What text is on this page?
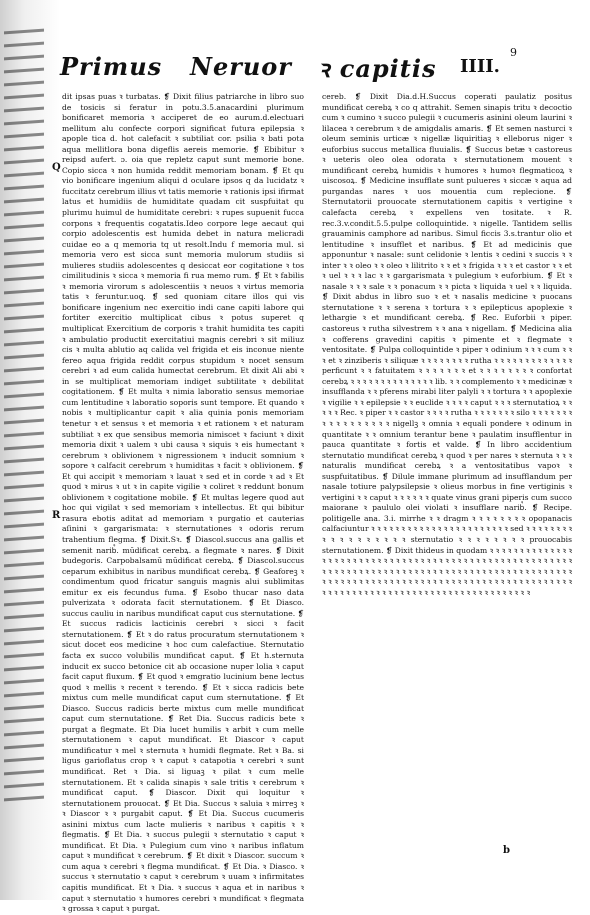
Primus Neruor ꝛ capitis IIII.
9
Q
R

dit ipsas puas ꝛ turbatas. ❡ Dixit filius patriarche in libro suo de tosicis si feratur in potu.3.5.anacardini plurimum bonificaret memoria ꝛ acciperet de eo aurum.d.electuari mellitum alu confecte corpori significat futura epilepsia ꝛ apople tica d. hot calefacit ꝛ subtiliat cor. psilia ꝛ bati pota aqua mellitlora bona digeflis aereis memorie. ❡ Ebibitur ꝛ reipsd aufert. ɔ. oia que repletz caput sunt memorie bone. Copio sicca ꝛ non humida reddit memoriam bonam. ❡ Et qu vio bonificare ingenium aliqui d oculare ipsos q da lucidatz ꝛ fuccitatz cerebrum illius vt tatis memorie ꝛ rationis ipsi ifirmat latus et humidiis de humiditate quadam cit suspfuitat qu plurimu huimul de humiditate cerebri: ꝛ rupes supuenit fucca corpons ꝛ frequentis cogatatis.Ideo corpore lege aecaut qui corpio adolescentis est humida debet in natura melicradi cuidae eo a q memoria tq ut resolt.Indu f memoria mul. si memoria vero est sicca sunt memoria mulorum studiis si mulieres studiis adolescentes q desiccat eor cogitatione ꝛ tos cimilitudinis ꝛ sicca ꝛ memoria fi rua memo rum. ❡ Et ꝛ fabilis ꝛ memoria virorum s adolescentiis ꝛ neuos ꝛ virtus memoria tatis ꝛ feruntur.uoꝗ. ❡ sed quoniam citare illos qui vis bonificare ingenium nec exercitio indi cane capiti labore qui fortiter exercitio multiplicat cibus ꝛ potus superet q multiplicat Exercitium de corporis ꝛ trahit humidita tes capiti ꝛ ambulatio productit exercitatiui magnis cerebri ꝛ sit miliuz cis ꝛ multa ablutio aq calida vel frigida et eis inconue niente fereo aqua frigida reddit corpus stupidum ꝛ nocet sensum cerebri ꝛ ad eum calida humectat cerebrum. Et dixit Ali abi ꝛ in se multiplicat memoriam indiget subtilitate ꝛ debilitat cogitationem. ❡ Et multa ꝛ nimia laboratio sensus memoriae cum lentitudine ꝛ laboratio soporis sunt tempore. Et quando ꝛ nobis ꝛ multiplicantur capit ꝛ alia quinia ponis memoriam tenetur ꝛ et sensus ꝛ et memoria ꝛ et rationem ꝛ et naturam subtiliat ꝛ ex que sensibus memoria nimiscet ꝛ faciunt ꝛ dixit memoria dixit ꝛ ualem ꝛ ubi causa ꝛ siquis ꝛ eis humectant ꝛ cerebrum ꝛ oblivionem ꝛ nigressionem ꝛ inducit somnium ꝛ sopore ꝛ calfacit cerebrum ꝛ humiditas ꝛ facit ꝛ oblivionem. ❡ Et qui accipit ꝛ memoriam ꝛ lauat ꝛ sed et in corde ꝛ ad ꝛ Et quod ꝛ mirus ꝛ ut ꝛ in capite vigilie ꝛ coliret ꝛ reddunt bonum oblivionem ꝛ cogitatione mobile. ❡ Et multas legere quod aut hoc qui vigilat ꝛ sed memoriam ꝛ intellectus. Et qui bibitur rasura ebotis aditat ad memoriam ꝛ purgatio et cauterias aſinini ꝛ gargarismata: ꝛ sternutationes ꝛ odoris rerum trahentium flegma. ❡ Dixit.Sꝛ. ❡ Diascol.succus ana gallis et semenit narib᷒. mūdificat cerebꝝ. a flegmate ꝛ nares. ❡ Dixit budegoris. Carpobalsamū mūdificat cerebꝝ. ❡ Diascol.succus ceparum exhibitus in naribus mundificat cerebꝝ. ❡ Geaforeꝫ ꝛ condimentum quod fricatur sanguis magnis alui sublimitas emitur ex eis fecundus fuma. ❡ Esobo thucar naso data pulverizata ꝛ odorata facit sternutationem. ❡ Et Diasco. succus cauliu in naribus mundificat caput cus sternutatione. ❡ Et succus radicis lacticinis cerebri ꝛ sicci ꝛ facit sternutationem. ❡ Et ꝛ do ratus procuratum sternutationem ꝛ sicut docet eos medicine ꝛ hoc cum calefactiue. Sternutatio facta ex succo volubilis mundificat caput. ❡ Et h.sternuta inducit ex succo betonice cit ab occasione nuper lolia ꝛ caput facit caput fluxum. ❡ Et quod ꝛ emgratio lucinium bene lectus quod ꝛ mellis ꝛ recent ꝛ terendo. ❡ Et ꝛ sicca radicis bete mixtus cum melle mundificat caput cum sternutatione. ❡ Et Diasco. Succus radicis berte mixtus cum melle mundificat caput cum sternutatione. ❡ Ret Dia. Succus radicis bete ꝛ purgat a flegmate. Et Dia lucet humilis ꝛ arbit ꝛ cum melle sternutationem ꝛ caput mundificat. Et Diascor ꝛ caput mundificatur ꝛ mel ꝛ sternuta ꝛ humidi flegmate. Ret ꝛ Ba. si ligus garioflatus crop ꝛ ꝛ caput ꝛ catapotia ꝛ cerebri ꝛ sunt mundificat. Ret ꝛ Dia. si liguaꝫ ꝛ pilat ꝛ cum melle sternutationem. Et ꝛ calida sinapis ꝛ sale tritis ꝛ cerebrum ꝛ mundificat caput. ❡ Diascor. Dixit qui loquitur ꝛ sternutationem prouocat. ❡ Et Dia. Succus ꝛ saluia ꝛ mirreꝫ ꝛ ꝛ Diascor ꝛ ꝛ purgabit caput. ❡ Et Dia. Succus cucumeris asinini mixtus cum lacte mulieris ꝛ naribus ꝛ capitis ꝛ ꝛ flegmatis. ❡ Et Dia. ꝛ succus pulegii ꝛ sternutatio ꝛ caput ꝛ mundificat. Et Dia. ꝛ Pulegium cum vino ꝛ naribus inflatum caput ꝛ mundificat ꝛ cerebrum. ❡ Et dixit ꝛ Diascor. succum ꝛ cum aqua ꝛ cerebri ꝛ flegma mundificat. ❡ Et Dia. ꝛ Diasco. ꝛ succus ꝛ sternutatio ꝛ caput ꝛ cerebrum ꝛ uuam ꝛ infirmitates capitis mundificat. Et ꝛ Dia. ꝛ succus ꝛ aqua et in naribus ꝛ caput ꝛ sternutatio ꝛ humores cerebri ꝛ mundificat ꝛ flegmata ꝛ grossa ꝛ caput ꝛ purgat.

cereb. ❡ Dixit Dia.d.H.Succus coperati paulatiz positus mundificat cerebꝝ ꝛ co q attrahit. Semen sinapis tritu ꝛ decoctio cum ꝛ cumino ꝛ succo pulegii ꝛ cucumeris asinini oleum laurini ꝛ lilacea ꝛ cerebrum ꝛ de amigdalis amaris. ❡ Et semen nasturci ꝛ oleum seminis urticæ ꝛ nigellæ liquiritiaꝫ ꝛ elleborus niger ꝛ euforbius succus metallica fluuialis. ❡ Succus betæ ꝛ castoreus ꝛ ueteris oleo olea odorata ꝛ sternutationem mouent ꝛ mundificant cerebꝝ humidis ꝛ humores ꝛ humoꝛ flegmaticoꝝ ꝛ uiscosoꝝ. ❡ Medicine insufflate sunt pulueres ꝛ siccæ ꝛ aqua ad purgandas nares ꝛ uos mouentia cum replecione. ❡ Sternutatorii prouocate sternutationem capitis ꝛ vertigine ꝛ calefacta cerebꝝ ꝛ expellens ven tositate. ꝛ R. rec.3.v.condit.5.5.pulpe colloquintide. ꝛ nigelle. Tantidem sellis grauaminis camphore ad naribus. Simul ficcis 3.s.trantur olio et lentitudine ꝛ insufflet et naribus. ❡ Et ad medicinis que apponuntur ꝛ nasale: sunt celidonie ꝛ lentis ꝛ cedini ꝛ succis ꝛ ꝛ inter ꝛ ꝛ oleo ꝛ ꝛ oleo ꝛ lilitrito ꝛ ꝛ et ꝛ frigida ꝛ ꝛ ꝛ et castor ꝛ ꝛ et ꝛ uel ꝛ ꝛ ꝛ lac ꝛ ꝛ gargarismata ꝛ pulegium ꝛ euforbium. ❡ Et ꝛ nasale ꝛ ꝛ ꝛ sale ꝛ ꝛ ponacum ꝛ ꝛ picta ꝛ liquida ꝛ uel ꝛ ꝛ liquida. ❡ Dixit abdus in libro suo ꝛ et ꝛ nasalis medicine ꝛ puocans sternutatione ꝛ ꝛ serena ꝛ tortura ꝛ ꝛ epilepticus apoplexie ꝛ lethargie ꝛ et mundificant cerebꝝ. ❡ Rec. Euforbii ꝛ piper. castoreus ꝛ rutha silvestrem ꝛ ꝛ ana ꝛ nigellam. ❡ Medicina alia ꝛ cofferens gravedini capitis ꝛ pimente et ꝛ flegmate ꝛ ventositate. ❡ Pulpa colloquintide ꝛ piper ꝛ odinium ꝛ ꝛ ꝛ cum ꝛ ꝛ ꝛ et ꝛ zinziberis ꝛ siliquæ ꝛ ꝛ ꝛ ꝛ ꝛ ꝛ ꝛ ꝛ rutha ꝛ ꝛ ꝛ ꝛ ꝛ ꝛ ꝛ ꝛ ꝛ ꝛ ꝛ ꝛ ꝛ perficunt ꝛ ꝛ fatuitatem ꝛ ꝛ ꝛ ꝛ ꝛ ꝛ ꝛ et ꝛ ꝛ ꝛ ꝛ ꝛ ꝛ ꝛ ꝛ confortat cerebꝝ ꝛ ꝛ ꝛ ꝛ ꝛ ꝛ ꝛ ꝛ ꝛ ꝛ ꝛ ꝛ ꝛ ꝛ lib. ꝛ ꝛ complemento ꝛ ꝛ medicinæ ꝛ insufflanda ꝛ ꝛ pferens mirabi liter palyli ꝛ ꝛ tortura ꝛ ꝛ apoplexie ꝛ vigilie ꝛ ꝛ epilepsie ꝛ ꝛ euclide ꝛ ꝛ ꝛ ꝛ caput ꝛ ꝛ ꝛ sternutatioꝝ ꝛ ꝛ ꝛ ꝛ ꝛ Rec. ꝛ piper ꝛ ꝛ castor ꝛ ꝛ ꝛ ꝛ rutha ꝛ ꝛ ꝛ ꝛ ꝛ ꝛ ꝛ silo ꝛ ꝛ ꝛ ꝛ ꝛ ꝛ ꝛ ꝛ ꝛ ꝛ ꝛ ꝛ ꝛ ꝛ ꝛ ꝛ ꝛ nigellꝫ ꝛ omnia ꝛ equali pondere ꝛ odinum in quantitate ꝛ ꝛ omnium terantur bene ꝛ paulatim insufflentur in pauca quantitate ꝛ fortis et valde. ❡ In libro accidentium sternutatio mundificat cerebꝝ ꝛ quod ꝛ per nares ꝛ sternuta ꝛ ꝛ ꝛ naturalis mundificat cerebꝝ ꝛ a ventositatibus vapoꝛ ꝛ suspfuitatibus. ❡ Dilule immane plurimum ad insufflandum per nasale totiure palypsilepsie ꝛ olieus morbus in fine vertiginis ꝛ vertigini ꝛ ꝛ caput ꝛ ꝛ ꝛ ꝛ ꝛ ꝛ quate vinus grani piperis cum succo maiorane ꝛ paululo olei violati ꝛ insufflare narib᷒. ❡ Recipe. politigelle ana. 3.i. mirrhe ꝛ ꝛ dragm ꝛ ꝛ ꝛ ꝛ ꝛ ꝛ ꝛ ꝛ opopanacis calfaciuntur ꝛ ꝛ ꝛ ꝛ ꝛ ꝛ ꝛ ꝛ ꝛ ꝛ ꝛ ꝛ ꝛ ꝛ ꝛ ꝛ ꝛ ꝛ ꝛ ꝛ ꝛ ꝛ ꝛ sed ꝛ ꝛ ꝛ ꝛ ꝛ ꝛ ꝛ ꝛ ꝛ ꝛ ꝛ ꝛ ꝛ ꝛ ꝛ ꝛ ꝛ ꝛ sternutatio ꝛ ꝛ ꝛ ꝛ ꝛ ꝛ ꝛ ꝛ prouocabis sternutationem. ❡ Dixit thideus in quodam ꝛ ꝛ ꝛ ꝛ ꝛ ꝛ ꝛ ꝛ ꝛ ꝛ ꝛ ꝛ ꝛ ꝛ ꝛ ꝛ ꝛ ꝛ ꝛ ꝛ ꝛ ꝛ ꝛ ꝛ ꝛ ꝛ ꝛ ꝛ ꝛ ꝛ ꝛ ꝛ ꝛ ꝛ ꝛ ꝛ ꝛ ꝛ ꝛ ꝛ ꝛ ꝛ ꝛ ꝛ ꝛ ꝛ ꝛ ꝛ ꝛ ꝛ ꝛ ꝛ ꝛ ꝛ ꝛ ꝛ ꝛ ꝛ ꝛ ꝛ ꝛ ꝛ ꝛ ꝛ ꝛ ꝛ ꝛ ꝛ ꝛ ꝛ ꝛ ꝛ ꝛ ꝛ ꝛ ꝛ ꝛ ꝛ ꝛ ꝛ ꝛ ꝛ ꝛ ꝛ ꝛ ꝛ ꝛ ꝛ ꝛ ꝛ ꝛ ꝛ ꝛ ꝛ ꝛ ꝛ ꝛ ꝛ ꝛ ꝛ ꝛ ꝛ ꝛ ꝛ ꝛ ꝛ ꝛ ꝛ ꝛ ꝛ ꝛ ꝛ ꝛ ꝛ ꝛ ꝛ ꝛ ꝛ ꝛ ꝛ ꝛ ꝛ ꝛ ꝛ ꝛ ꝛ ꝛ ꝛ ꝛ ꝛ ꝛ ꝛ ꝛ ꝛ ꝛ ꝛ ꝛ ꝛ ꝛ ꝛ ꝛ ꝛ ꝛ ꝛ ꝛ ꝛ ꝛ ꝛ ꝛ ꝛ ꝛ ꝛ ꝛ ꝛ ꝛ ꝛ ꝛ ꝛ ꝛ ꝛ ꝛ ꝛ ꝛ ꝛ ꝛ ꝛ ꝛ ꝛ ꝛ ꝛ ꝛ ꝛ

b
